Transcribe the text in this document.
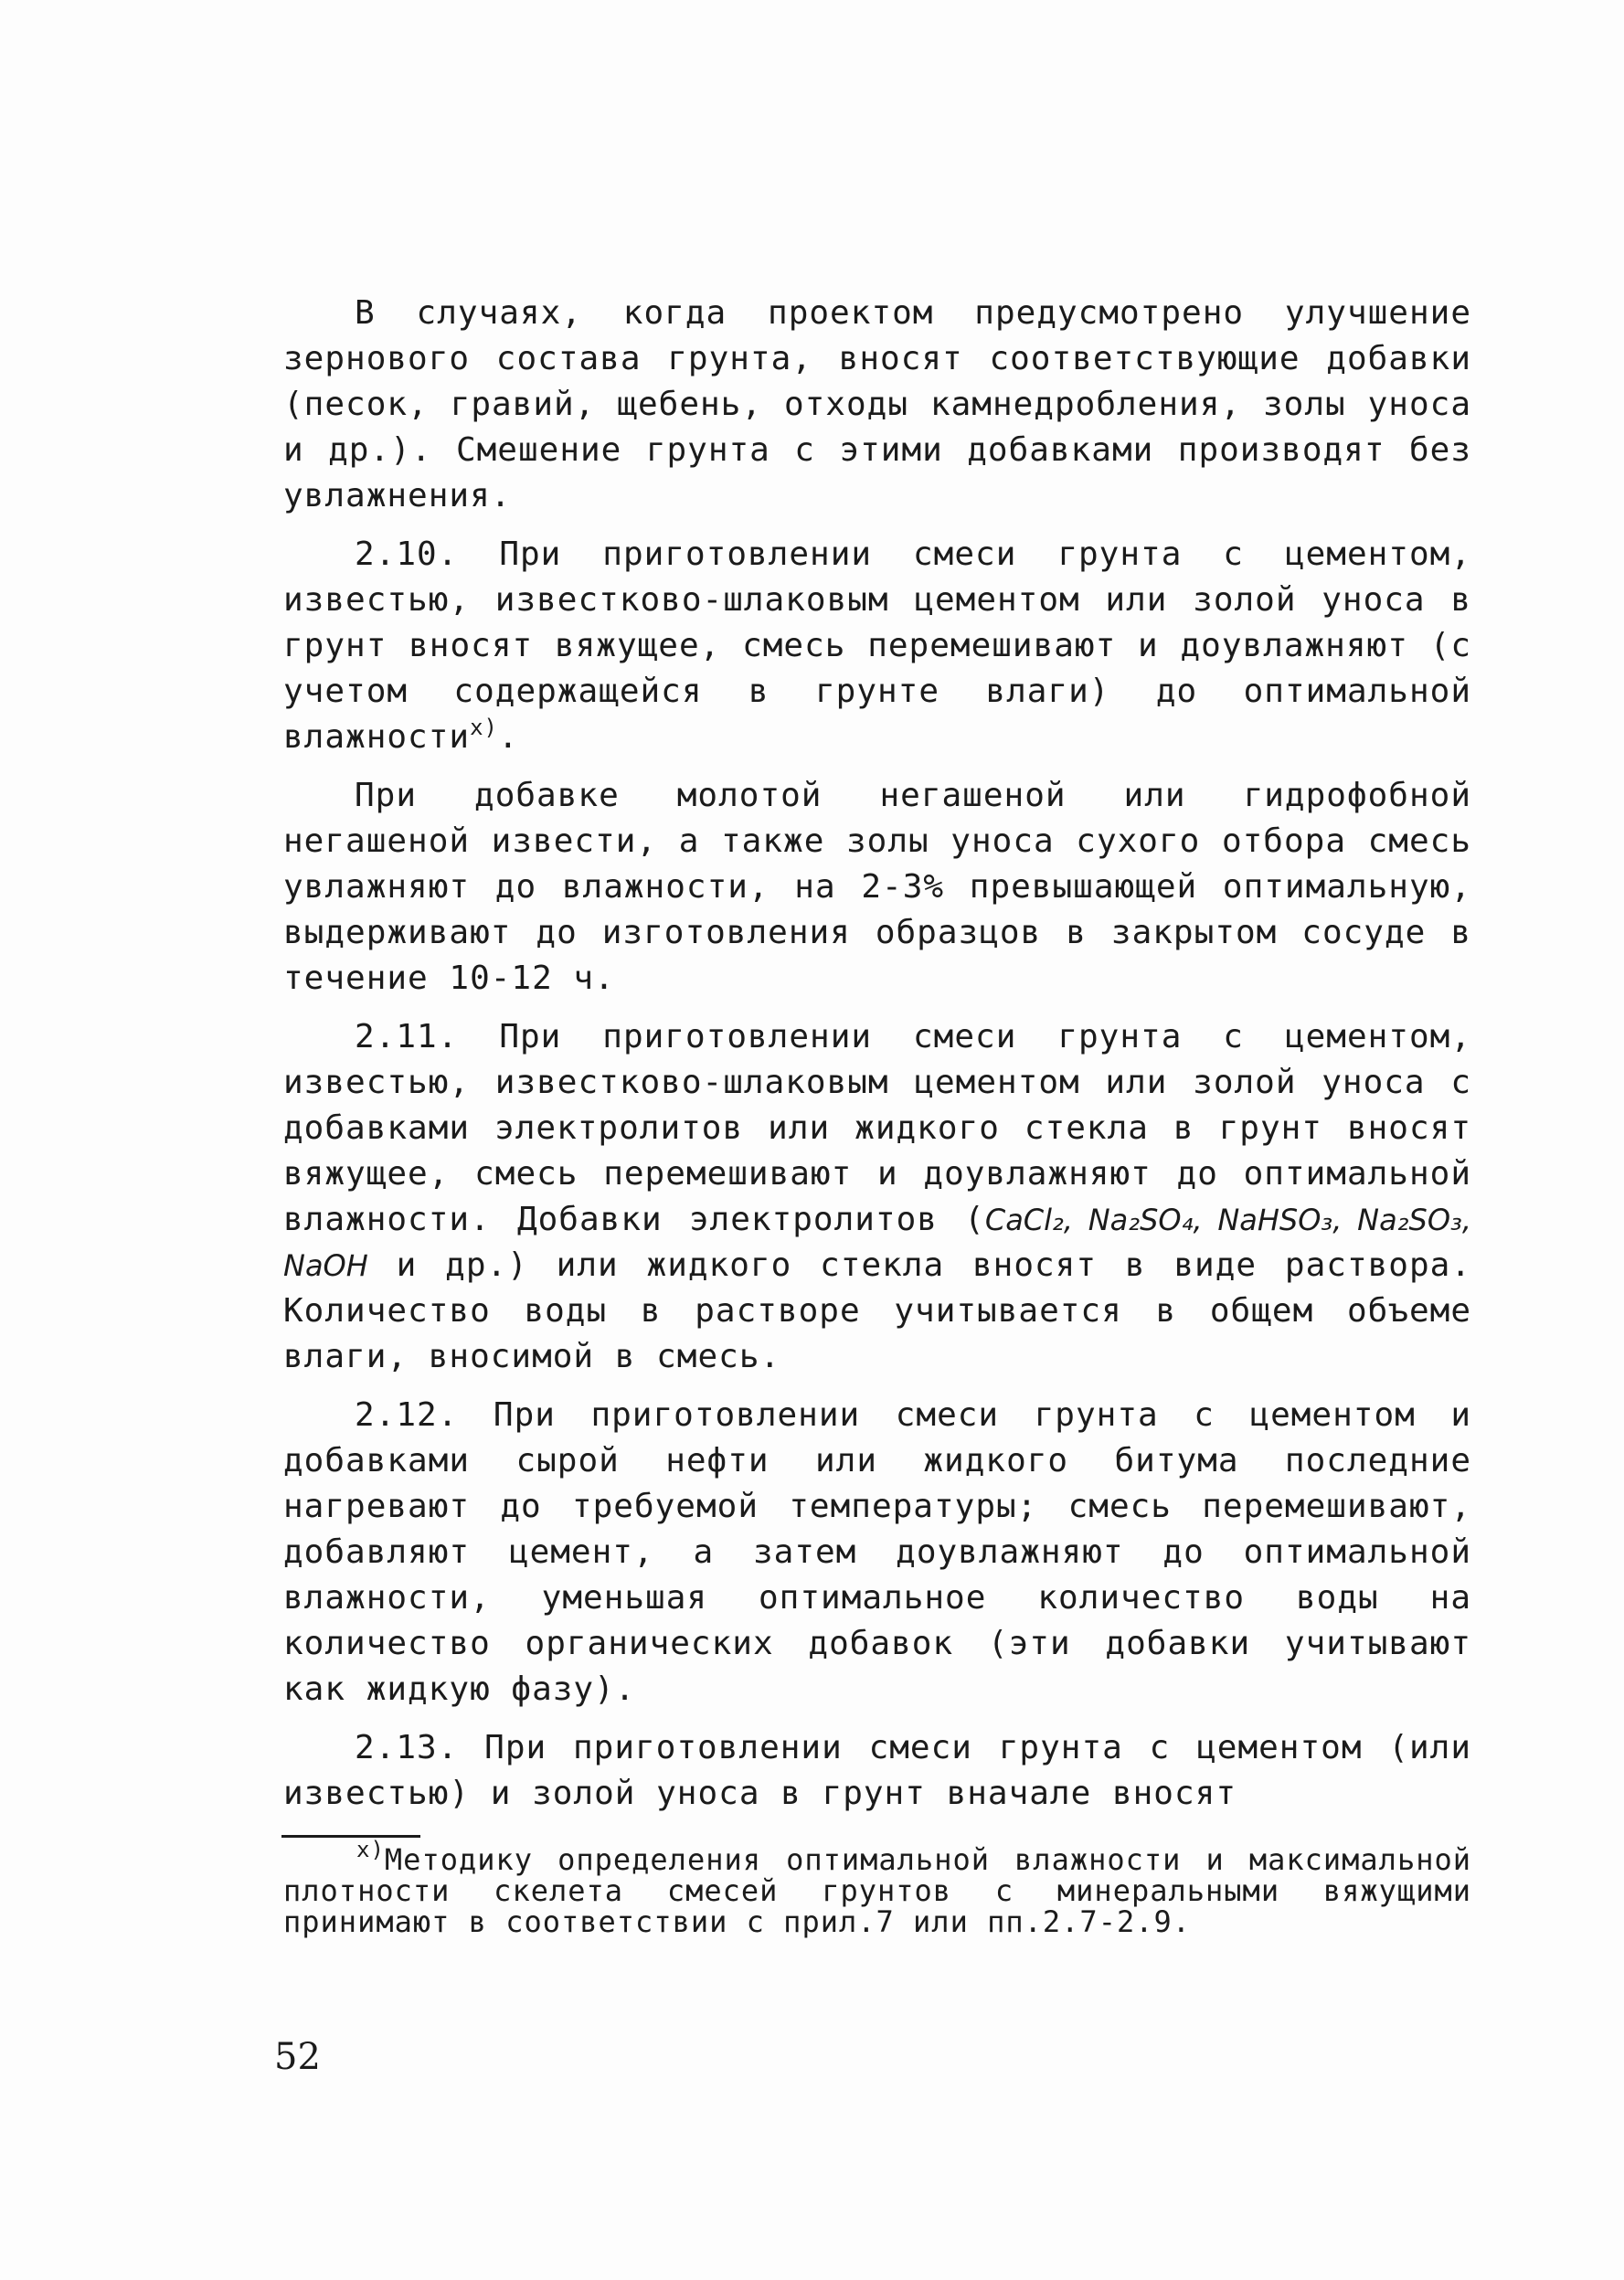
В случаях, когда проектом предусмотрено улучшение зернового состава грунта, вносят соответствующие добавки (песок, гравий, щебень, отходы камнедробления, золы уноса и др.). Смешение грунта с этими добавками производят без увлажнения.

2.10. При приготовлении смеси грунта с цементом, известью, известково-шлаковым цементом или золой уноса в грунт вносят вяжущее, смесь перемешивают и доувлажняют (с учетом содержащейся в грунте влаги) до оптимальной влажности$^{х)}$.

При добавке молотой негашеной или гидрофобной негашеной извести, а также золы уноса сухого отбора смесь увлажняют до влажности, на 2-3% превышающей оптимальную, выдерживают до изготовления образцов в закрытом сосуде в течение 10-12 ч.

2.11. При приготовлении смеси грунта с цементом, известью, известково-шлаковым цементом или золой уноса с добавками электролитов или жидкого стекла в грунт вносят вяжущее, смесь перемешивают и доувлажняют до оптимальной влажности. Добавки электролитов (CaCl₂, Na₂SO₄, NaHSO₃, Na₂SO₃, NaOH и др.) или жидкого стекла вносят в виде раствора. Количество воды в растворе учитывается в общем объеме влаги, вносимой в смесь.

2.12. При приготовлении смеси грунта с цементом и добавками сырой нефти или жидкого битума последние нагревают до требуемой температуры; смесь перемешивают, добавляют цемент, а затем доувлажняют до оптимальной влажности, уменьшая оптимальное количество воды на количество органических добавок (эти добавки учитывают как жидкую фазу).

2.13. При приготовлении смеси грунта с цементом (или известью) и золой уноса в грунт вначале вносят

$^{х)}$Методику определения оптимальной влажности и максимальной плотности скелета смесей грунтов с минеральными вяжущими принимают в соответствии с прил.7 или пп.2.7-2.9.

52
